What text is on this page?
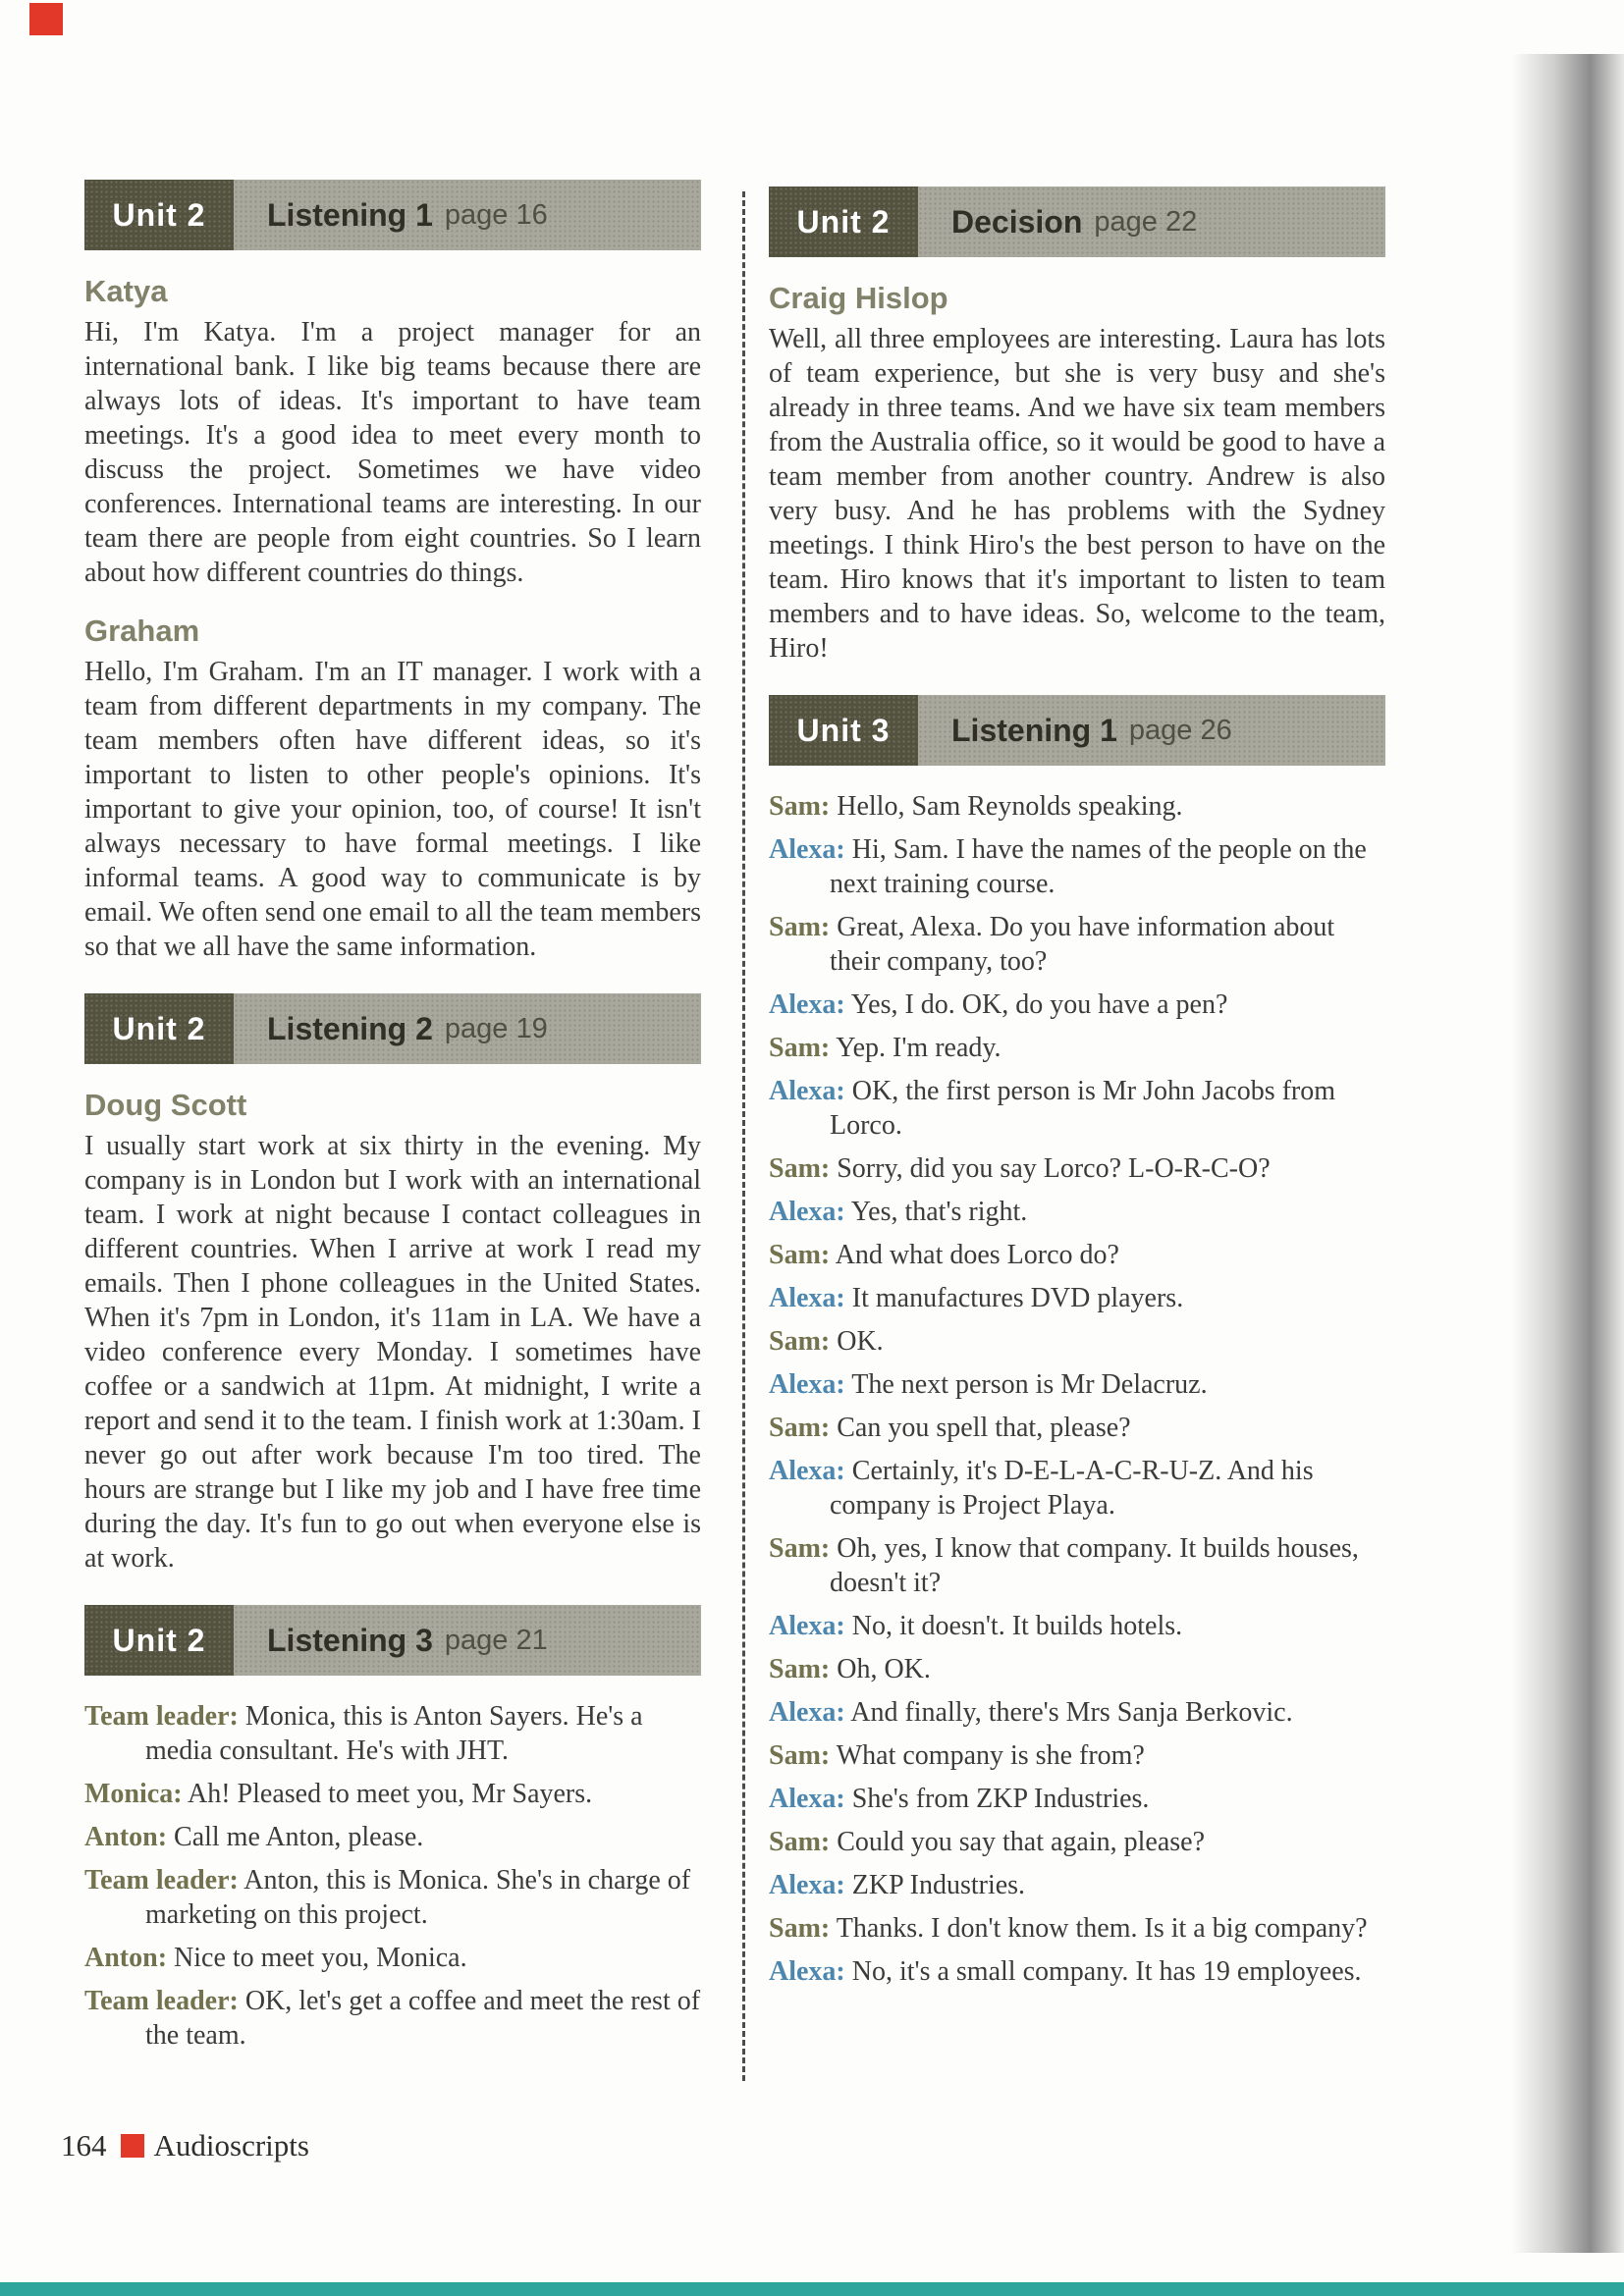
Unit 2	Listening 1 page 16
Katya

Hi, I'm Katya. I'm a project manager for an international bank. I like big teams because there are always lots of ideas. It's important to have team meetings. It's a good idea to meet every month to discuss the project. Sometimes we have video conferences. International teams are interesting. In our team there are people from eight countries. So I learn about how different countries do things.

Graham

Hello, I'm Graham. I'm an IT manager. I work with a team from different departments in my company. The team members often have different ideas, so it's important to listen to other people's opinions. It's important to give your opinion, too, of course! It isn't always necessary to have formal meetings. I like informal teams. A good way to communicate is by email. We often send one email to all the team members so that we all have the same information.

Unit 2	Listening 2 page 19
Doug Scott

I usually start work at six thirty in the evening. My company is in London but I work with an international team. I work at night because I contact colleagues in different countries. When I arrive at work I read my emails. Then I phone colleagues in the United States. When it's 7pm in London, it's 11am in LA. We have a video conference every Monday. I sometimes have coffee or a sandwich at 11pm. At midnight, I write a report and send it to the team. I finish work at 1:30am. I never go out after work because I'm too tired. The hours are strange but I like my job and I have free time during the day. It's fun to go out when everyone else is at work.

Unit 2	Listening 3 page 21
Team leader: Monica, this is Anton Sayers. He's a media consultant. He's with JHT.
Monica: Ah! Pleased to meet you, Mr Sayers.
Anton: Call me Anton, please.
Team leader: Anton, this is Monica. She's in charge of marketing on this project.
Anton: Nice to meet you, Monica.
Team leader: OK, let's get a coffee and meet the rest of the team.
Unit 2	Decision page 22
Craig Hislop

Well, all three employees are interesting. Laura has lots of team experience, but she is very busy and she's already in three teams. And we have six team members from the Australia office, so it would be good to have a team member from another country. Andrew is also very busy. And he has problems with the Sydney meetings. I think Hiro's the best person to have on the team. Hiro knows that it's important to listen to team members and to have ideas. So, welcome to the team, Hiro!

Unit 3	Listening 1 page 26
Sam: Hello, Sam Reynolds speaking.
Alexa: Hi, Sam. I have the names of the people on the next training course.
Sam: Great, Alexa. Do you have information about their company, too?
Alexa: Yes, I do. OK, do you have a pen?
Sam: Yep. I'm ready.
Alexa: OK, the first person is Mr John Jacobs from Lorco.
Sam: Sorry, did you say Lorco? L-O-R-C-O?
Alexa: Yes, that's right.
Sam: And what does Lorco do?
Alexa: It manufactures DVD players.
Sam: OK.
Alexa: The next person is Mr Delacruz.
Sam: Can you spell that, please?
Alexa: Certainly, it's D-E-L-A-C-R-U-Z. And his company is Project Playa.
Sam: Oh, yes, I know that company. It builds houses, doesn't it?
Alexa: No, it doesn't. It builds hotels.
Sam: Oh, OK.
Alexa: And finally, there's Mrs Sanja Berkovic.
Sam: What company is she from?
Alexa: She's from ZKP Industries.
Sam: Could you say that again, please?
Alexa: ZKP Industries.
Sam: Thanks. I don't know them. Is it a big company?
Alexa: No, it's a small company. It has 19 employees.
164 Audioscripts
